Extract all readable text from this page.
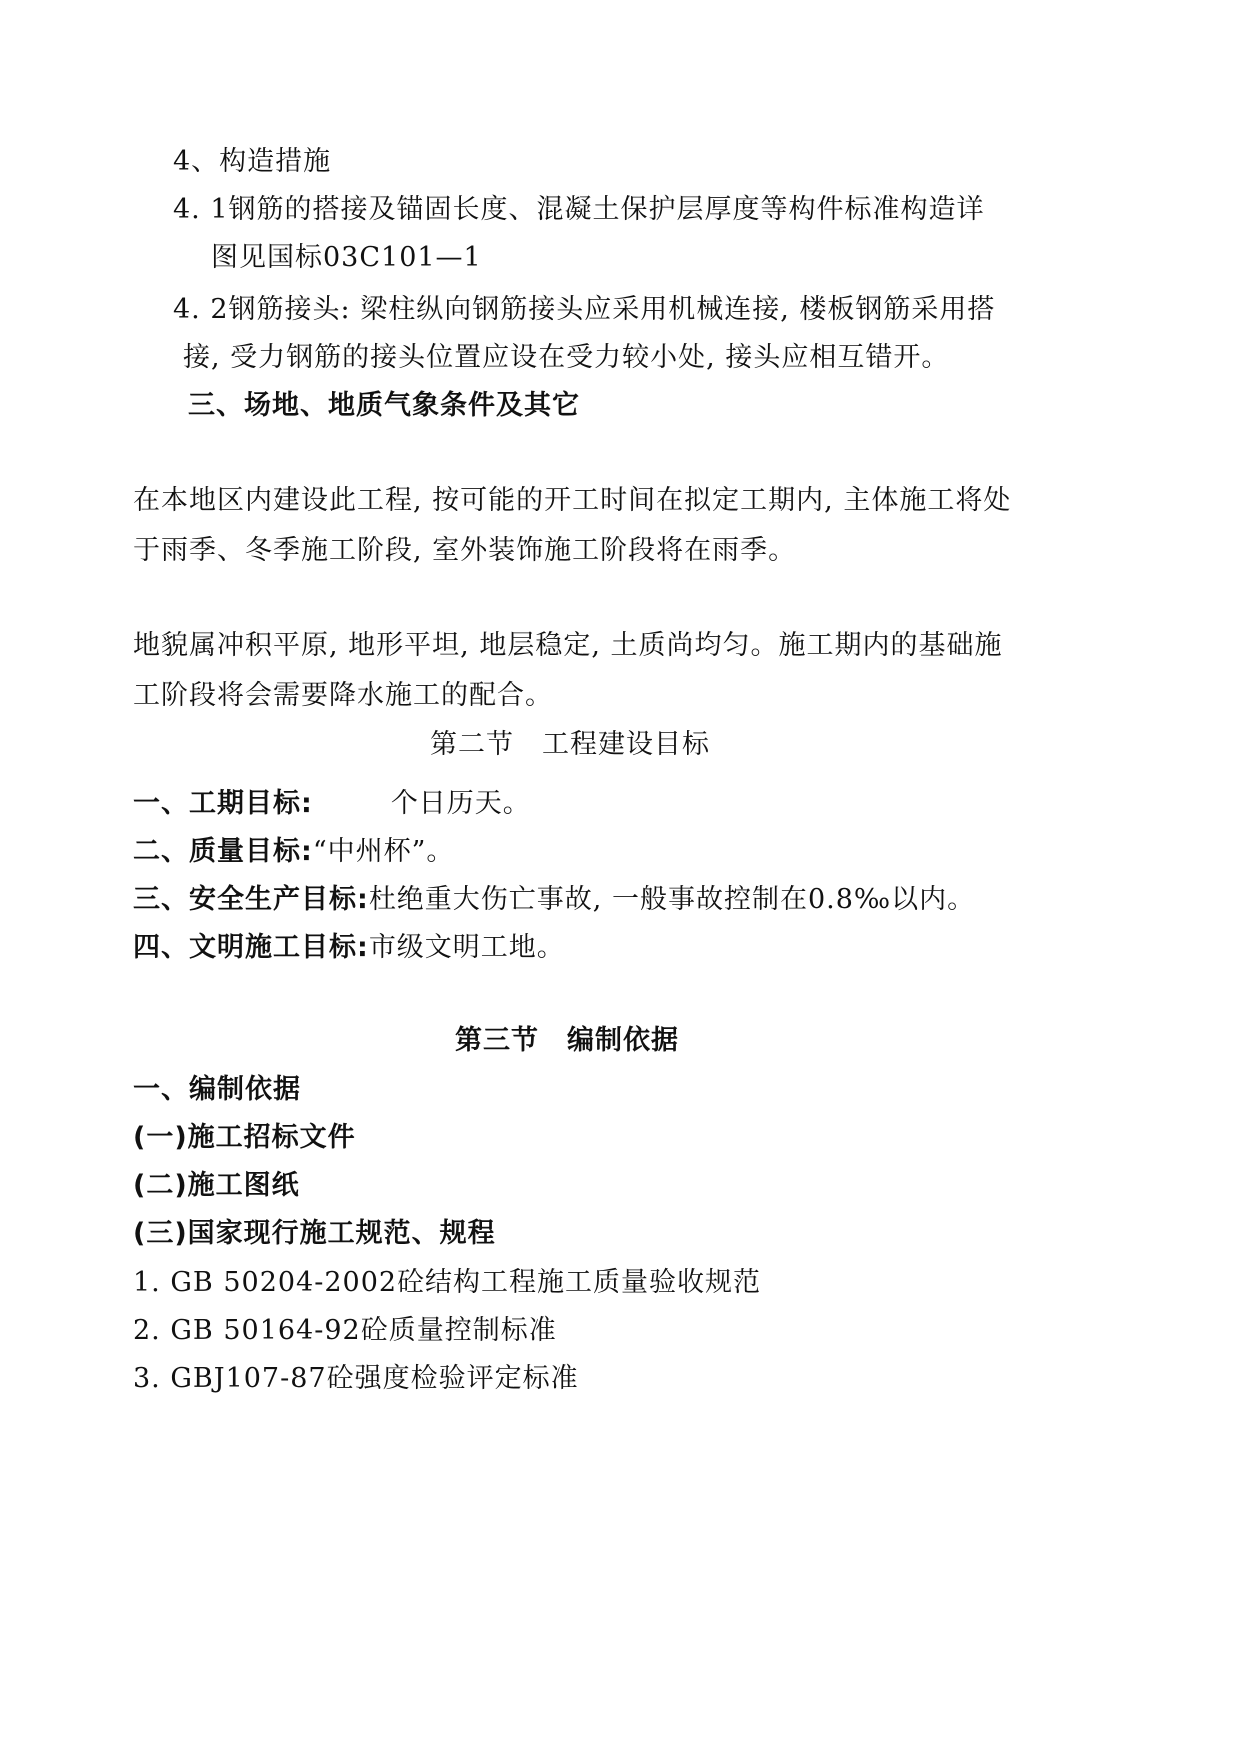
4、构造措施
4. 1钢筋的搭接及锚固长度、混凝土保护层厚度等构件标准构造详
图见国标03C101—1
4. 2钢筋接头: 梁柱纵向钢筋接头应采用机械连接, 楼板钢筋采用搭
接, 受力钢筋的接头位置应设在受力较小处, 接头应相互错开。
三、场地、地质气象条件及其它
在本地区内建设此工程, 按可能的开工时间在拟定工期内, 主体施工将处
于雨季、冬季施工阶段, 室外装饰施工阶段将在雨季。
地貌属冲积平原, 地形平坦, 地层稳定, 土质尚均匀。施工期内的基础施
工阶段将会需要降水施工的配合。
第二节 工程建设目标
一、工期目标:	个日历天。
二、质量目标:“中州杯”。
三、安全生产目标:杜绝重大伤亡事故, 一般事故控制在0.8‰以内。
四、文明施工目标:市级文明工地。
第三节 编制依据
一、编制依据
(一)施工招标文件
(二)施工图纸
(三)国家现行施工规范、规程
1. GB 50204-2002砼结构工程施工质量验收规范
2. GB 50164-92砼质量控制标准
3. GBJ107-87砼强度检验评定标准
